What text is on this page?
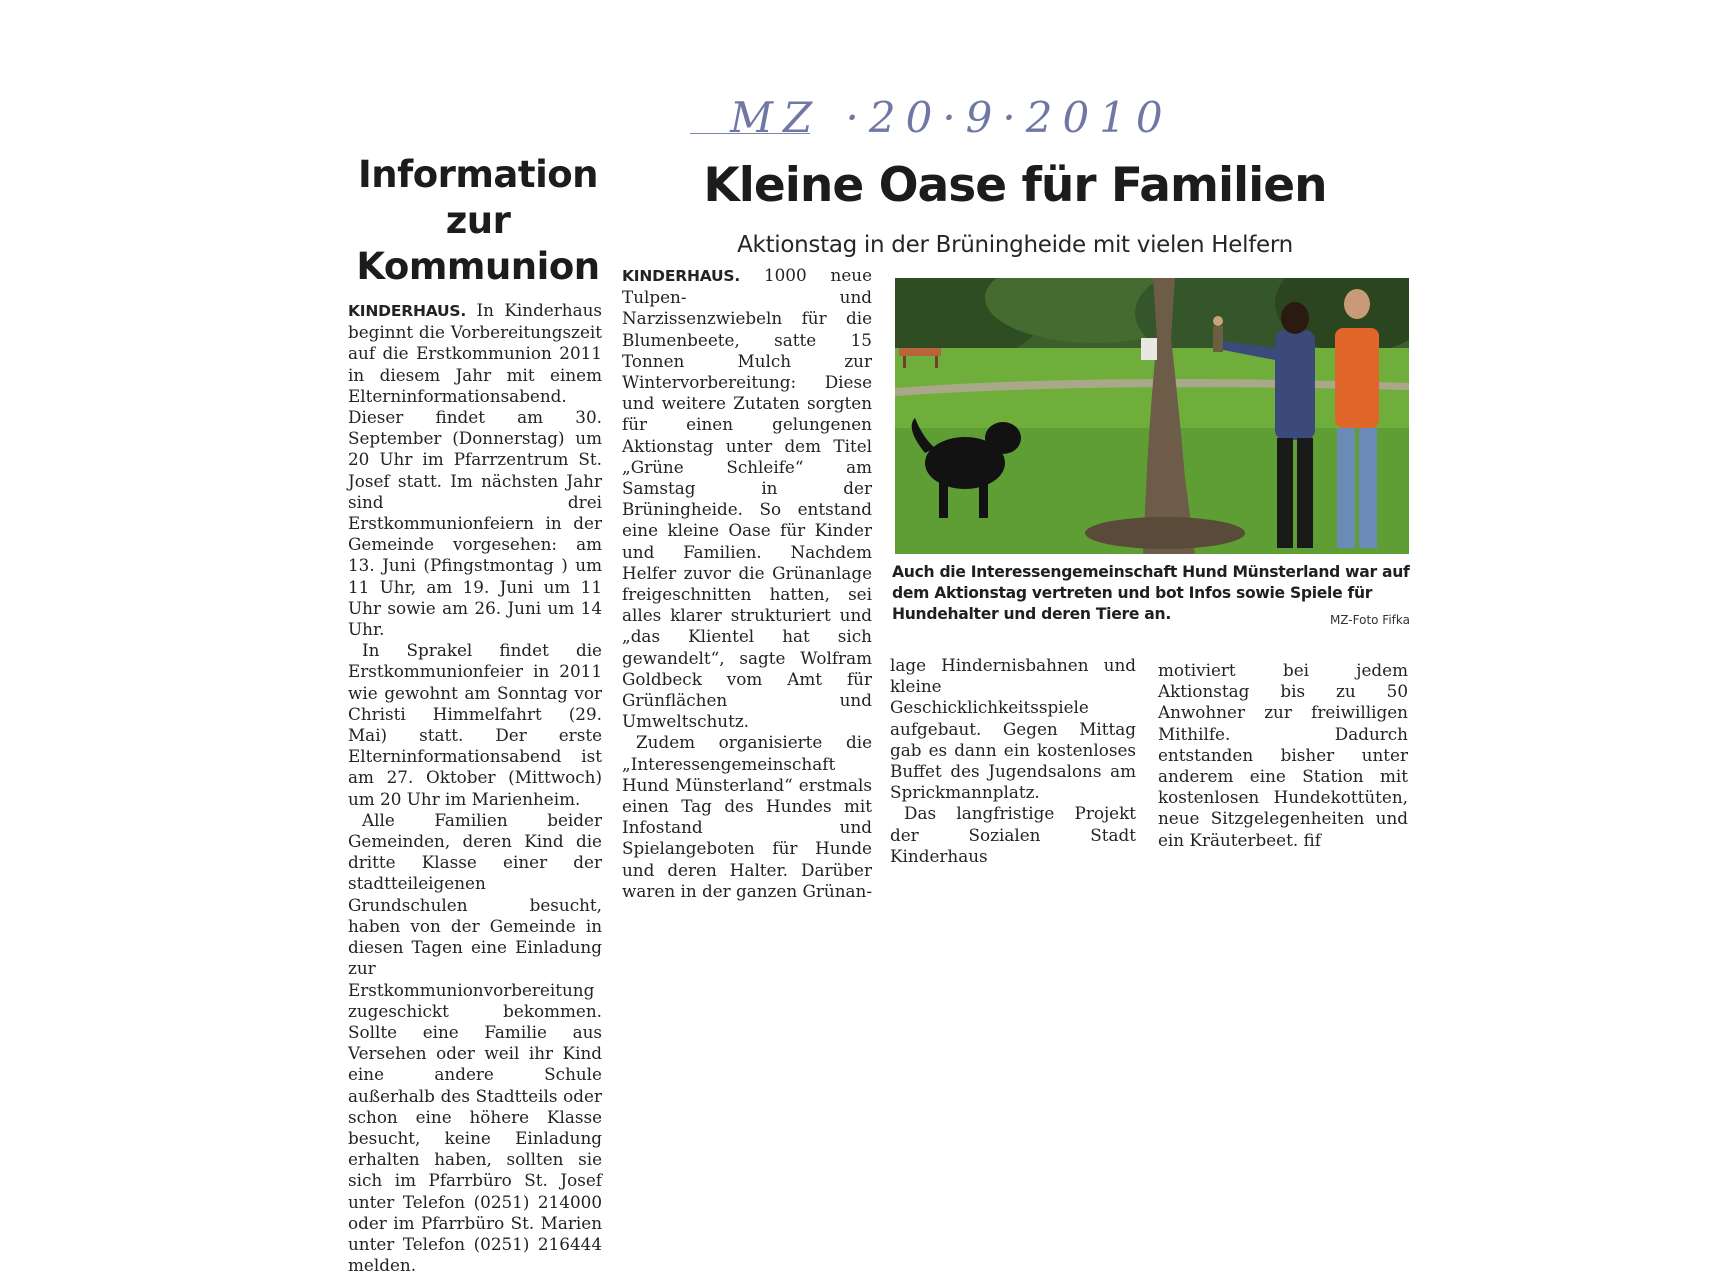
MZ ·20·9·2010
Information
zur
Kommunion

KINDERHAUS. In Kinderhaus beginnt die Vorbereitungszeit auf die Erstkommunion 2011 in diesem Jahr mit einem Elterninformationsabend. Dieser findet am 30. September (Donnerstag) um 20 Uhr im Pfarrzentrum St. Josef statt. Im nächsten Jahr sind drei Erstkommunionfeiern in der Gemeinde vorgesehen: am 13. Juni (Pfingstmontag ) um 11 Uhr, am 19. Juni um 11 Uhr sowie am 26. Juni um 14 Uhr.

In Sprakel findet die Erstkommunionfeier in 2011 wie gewohnt am Sonntag vor Christi Himmelfahrt (29. Mai) statt. Der erste Elterninformationsabend ist am 27. Oktober (Mittwoch) um 20 Uhr im Marienheim.

Alle Familien beider Gemeinden, deren Kind die dritte Klasse einer der stadtteileigenen Grundschulen besucht, haben von der Gemeinde in diesen Tagen eine Einladung zur Erstkommunionvorbereitung zugeschickt bekommen. Sollte eine Familie aus Versehen oder weil ihr Kind eine andere Schule außerhalb des Stadtteils oder schon eine höhere Klasse besucht, keine Einladung erhalten haben, sollten sie sich im Pfarrbüro St. Josef unter Telefon (0251) 214000 oder im Pfarrbüro St. Marien unter Telefon (0251) 216444 melden.

Kleine Oase für Familien
Aktionstag in der Brüningheide mit vielen Helfern

KINDERHAUS. 1000 neue Tulpen- und Narzissenzwiebeln für die Blumenbeete, satte 15 Tonnen Mulch zur Wintervorbereitung: Diese und weitere Zutaten sorgten für einen gelungenen Aktionstag unter dem Titel „Grüne Schleife“ am Samstag in der Brüningheide. So entstand eine kleine Oase für Kinder und Familien. Nachdem Helfer zuvor die Grünanlage freigeschnitten hatten, sei alles klarer strukturiert und „das Klientel hat sich gewandelt“, sagte Wolfram Goldbeck vom Amt für Grünflächen und Umweltschutz.

Zudem organisierte die „Interessengemeinschaft Hund Münsterland“ erstmals einen Tag des Hundes mit Infostand und Spielangeboten für Hunde und deren Halter. Darüber waren in der ganzen Grünan-

Auch die Interessengemeinschaft Hund Münsterland war auf dem Aktionstag vertreten und bot Infos sowie Spiele für Hundehalter und deren Tiere an.	MZ-Foto Fifka

lage Hindernisbahnen und kleine Geschicklichkeitsspiele aufgebaut. Gegen Mittag gab es dann ein kostenloses Buffet des Jugendsalons am Sprickmannplatz.

Das langfristige Projekt der Sozialen Stadt Kinderhaus

motiviert bei jedem Aktionstag bis zu 50 Anwohner zur freiwilligen Mithilfe. Dadurch entstanden bisher unter anderem eine Station mit kostenlosen Hundekottüten, neue Sitzgelegenheiten und ein Kräuterbeet. fif
